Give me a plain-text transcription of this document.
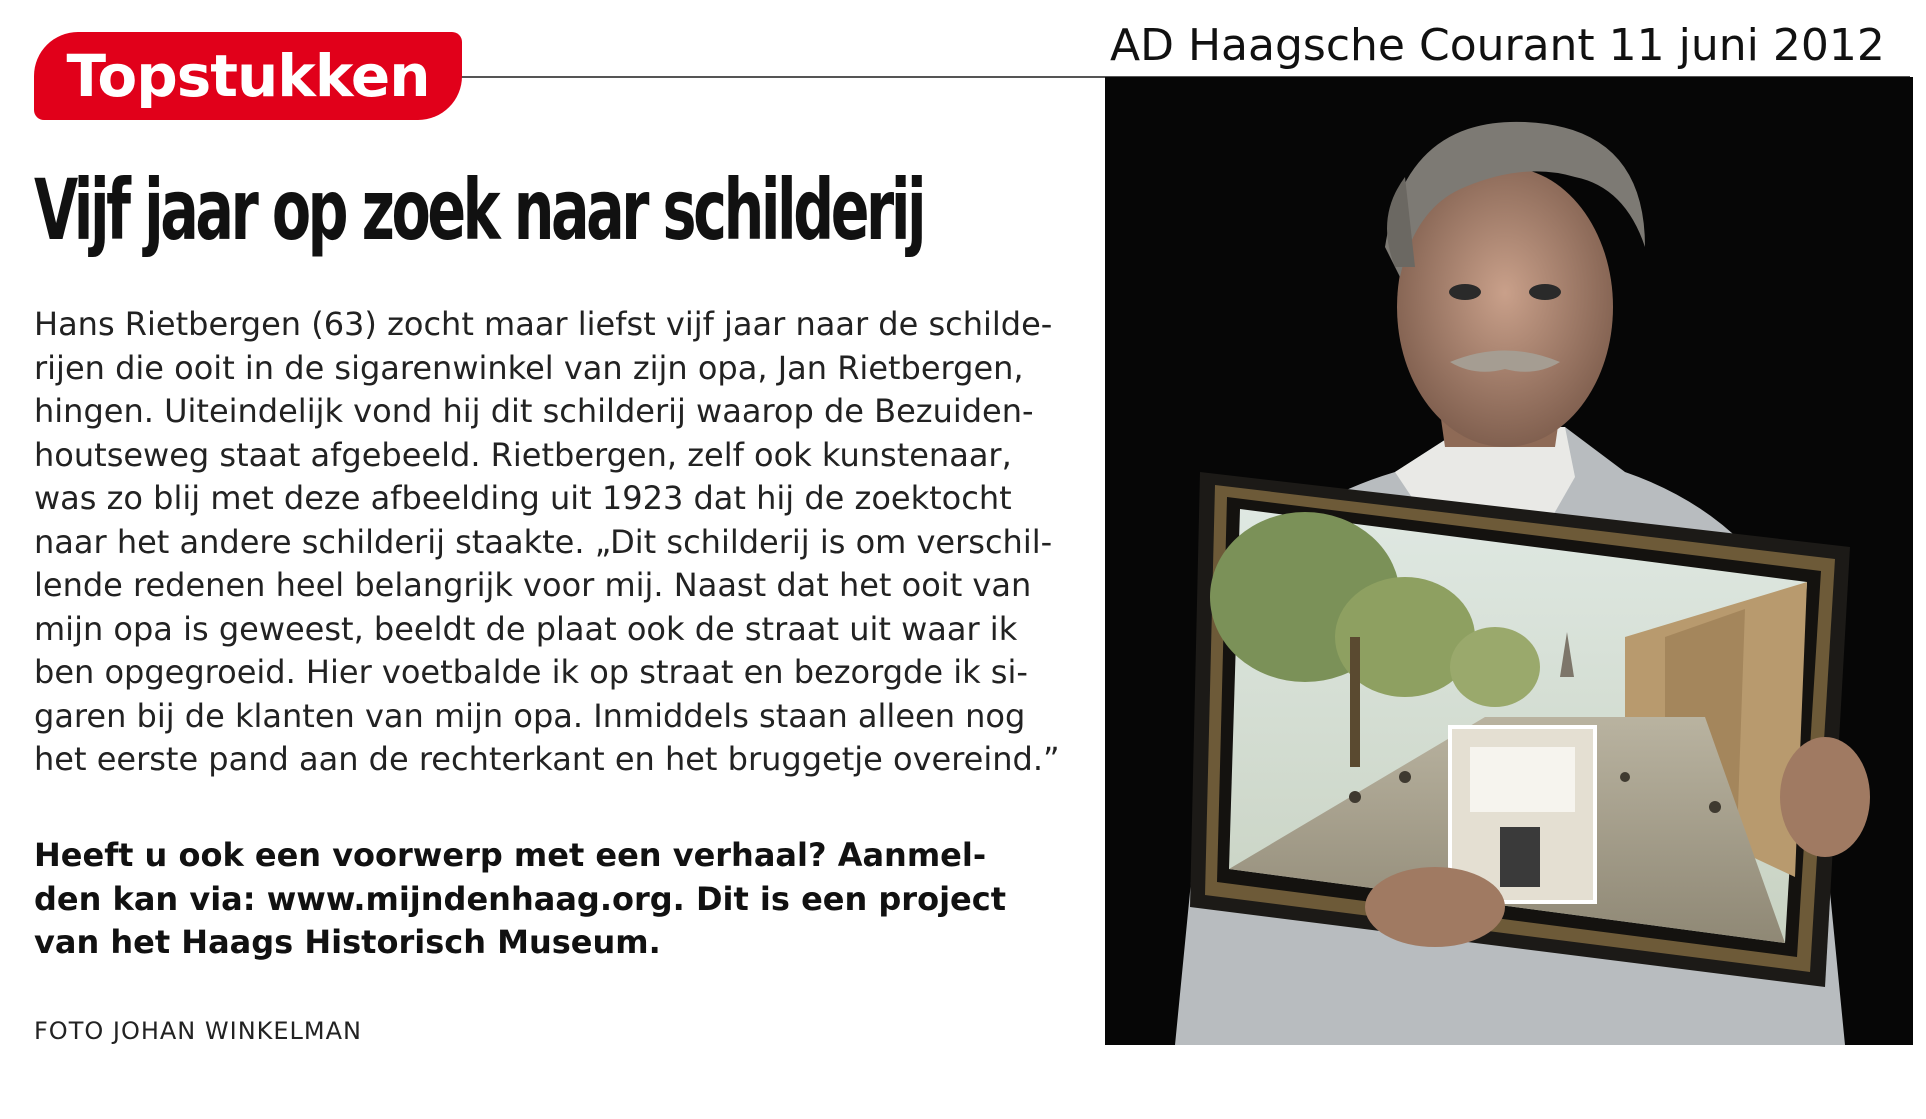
AD Haagsche Courant 11 juni 2012
Topstukken
Vijf jaar op zoek naar schilderij

Hans Rietbergen (63) zocht maar liefst vijf jaar naar de schilde-
rijen die ooit in de sigarenwinkel van zijn opa, Jan Rietbergen,
hingen. Uiteindelijk vond hij dit schilderij waarop de Bezuiden-
houtseweg staat afgebeeld. Rietbergen, zelf ook kunstenaar,
was zo blij met deze afbeelding uit 1923 dat hij de zoektocht
naar het andere schilderij staakte. „Dit schilderij is om verschil-
lende redenen heel belangrijk voor mij. Naast dat het ooit van
mijn opa is geweest, beeldt de plaat ook de straat uit waar ik
ben opgegroeid. Hier voetbalde ik op straat en bezorgde ik si-
garen bij de klanten van mijn opa. Inmiddels staan alleen nog
het eerste pand aan de rechterkant en het bruggetje overeind.”

Heeft u ook een voorwerp met een verhaal? Aanmel-
den kan via: www.mijndenhaag.org. Dit is een project
van het Haags Historisch Museum.

FOTO JOHAN WINKELMAN
